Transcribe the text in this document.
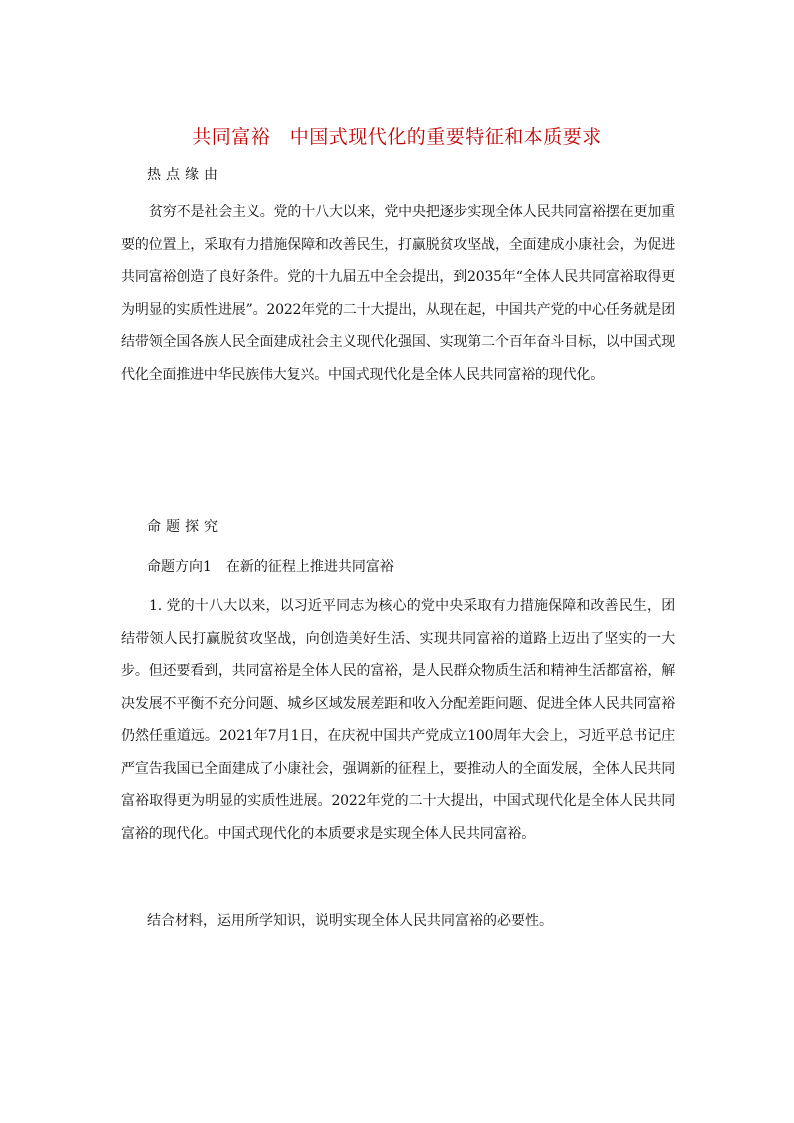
共同富裕　中国式现代化的重要特征和本质要求
热点缘由
贫穷不是社会主义。党的十八大以来，党中央把逐步实现全体人民共同富裕摆在更加重要的位置上，采取有力措施保障和改善民生，打赢脱贫攻坚战，全面建成小康社会，为促进共同富裕创造了良好条件。党的十九届五中全会提出，到2035年“全体人民共同富裕取得更为明显的实质性进展”。2022年党的二十大提出，从现在起，中国共产党的中心任务就是团结带领全国各族人民全面建成社会主义现代化强国、实现第二个百年奋斗目标，以中国式现代化全面推进中华民族伟大复兴。中国式现代化是全体人民共同富裕的现代化。
命题探究
命题方向1　在新的征程上推进共同富裕
1. 党的十八大以来，以习近平同志为核心的党中央采取有力措施保障和改善民生，团结带领人民打赢脱贫攻坚战，向创造美好生活、实现共同富裕的道路上迈出了坚实的一大步。但还要看到，共同富裕是全体人民的富裕，是人民群众物质生活和精神生活都富裕，解决发展不平衡不充分问题、城乡区域发展差距和收入分配差距问题、促进全体人民共同富裕仍然任重道远。2021年7月1日，在庆祝中国共产党成立100周年大会上，习近平总书记庄严宣告我国已全面建成了小康社会，强调新的征程上，要推动人的全面发展，全体人民共同富裕取得更为明显的实质性进展。2022年党的二十大提出，中国式现代化是全体人民共同富裕的现代化。中国式现代化的本质要求是实现全体人民共同富裕。
结合材料，运用所学知识，说明实现全体人民共同富裕的必要性。
